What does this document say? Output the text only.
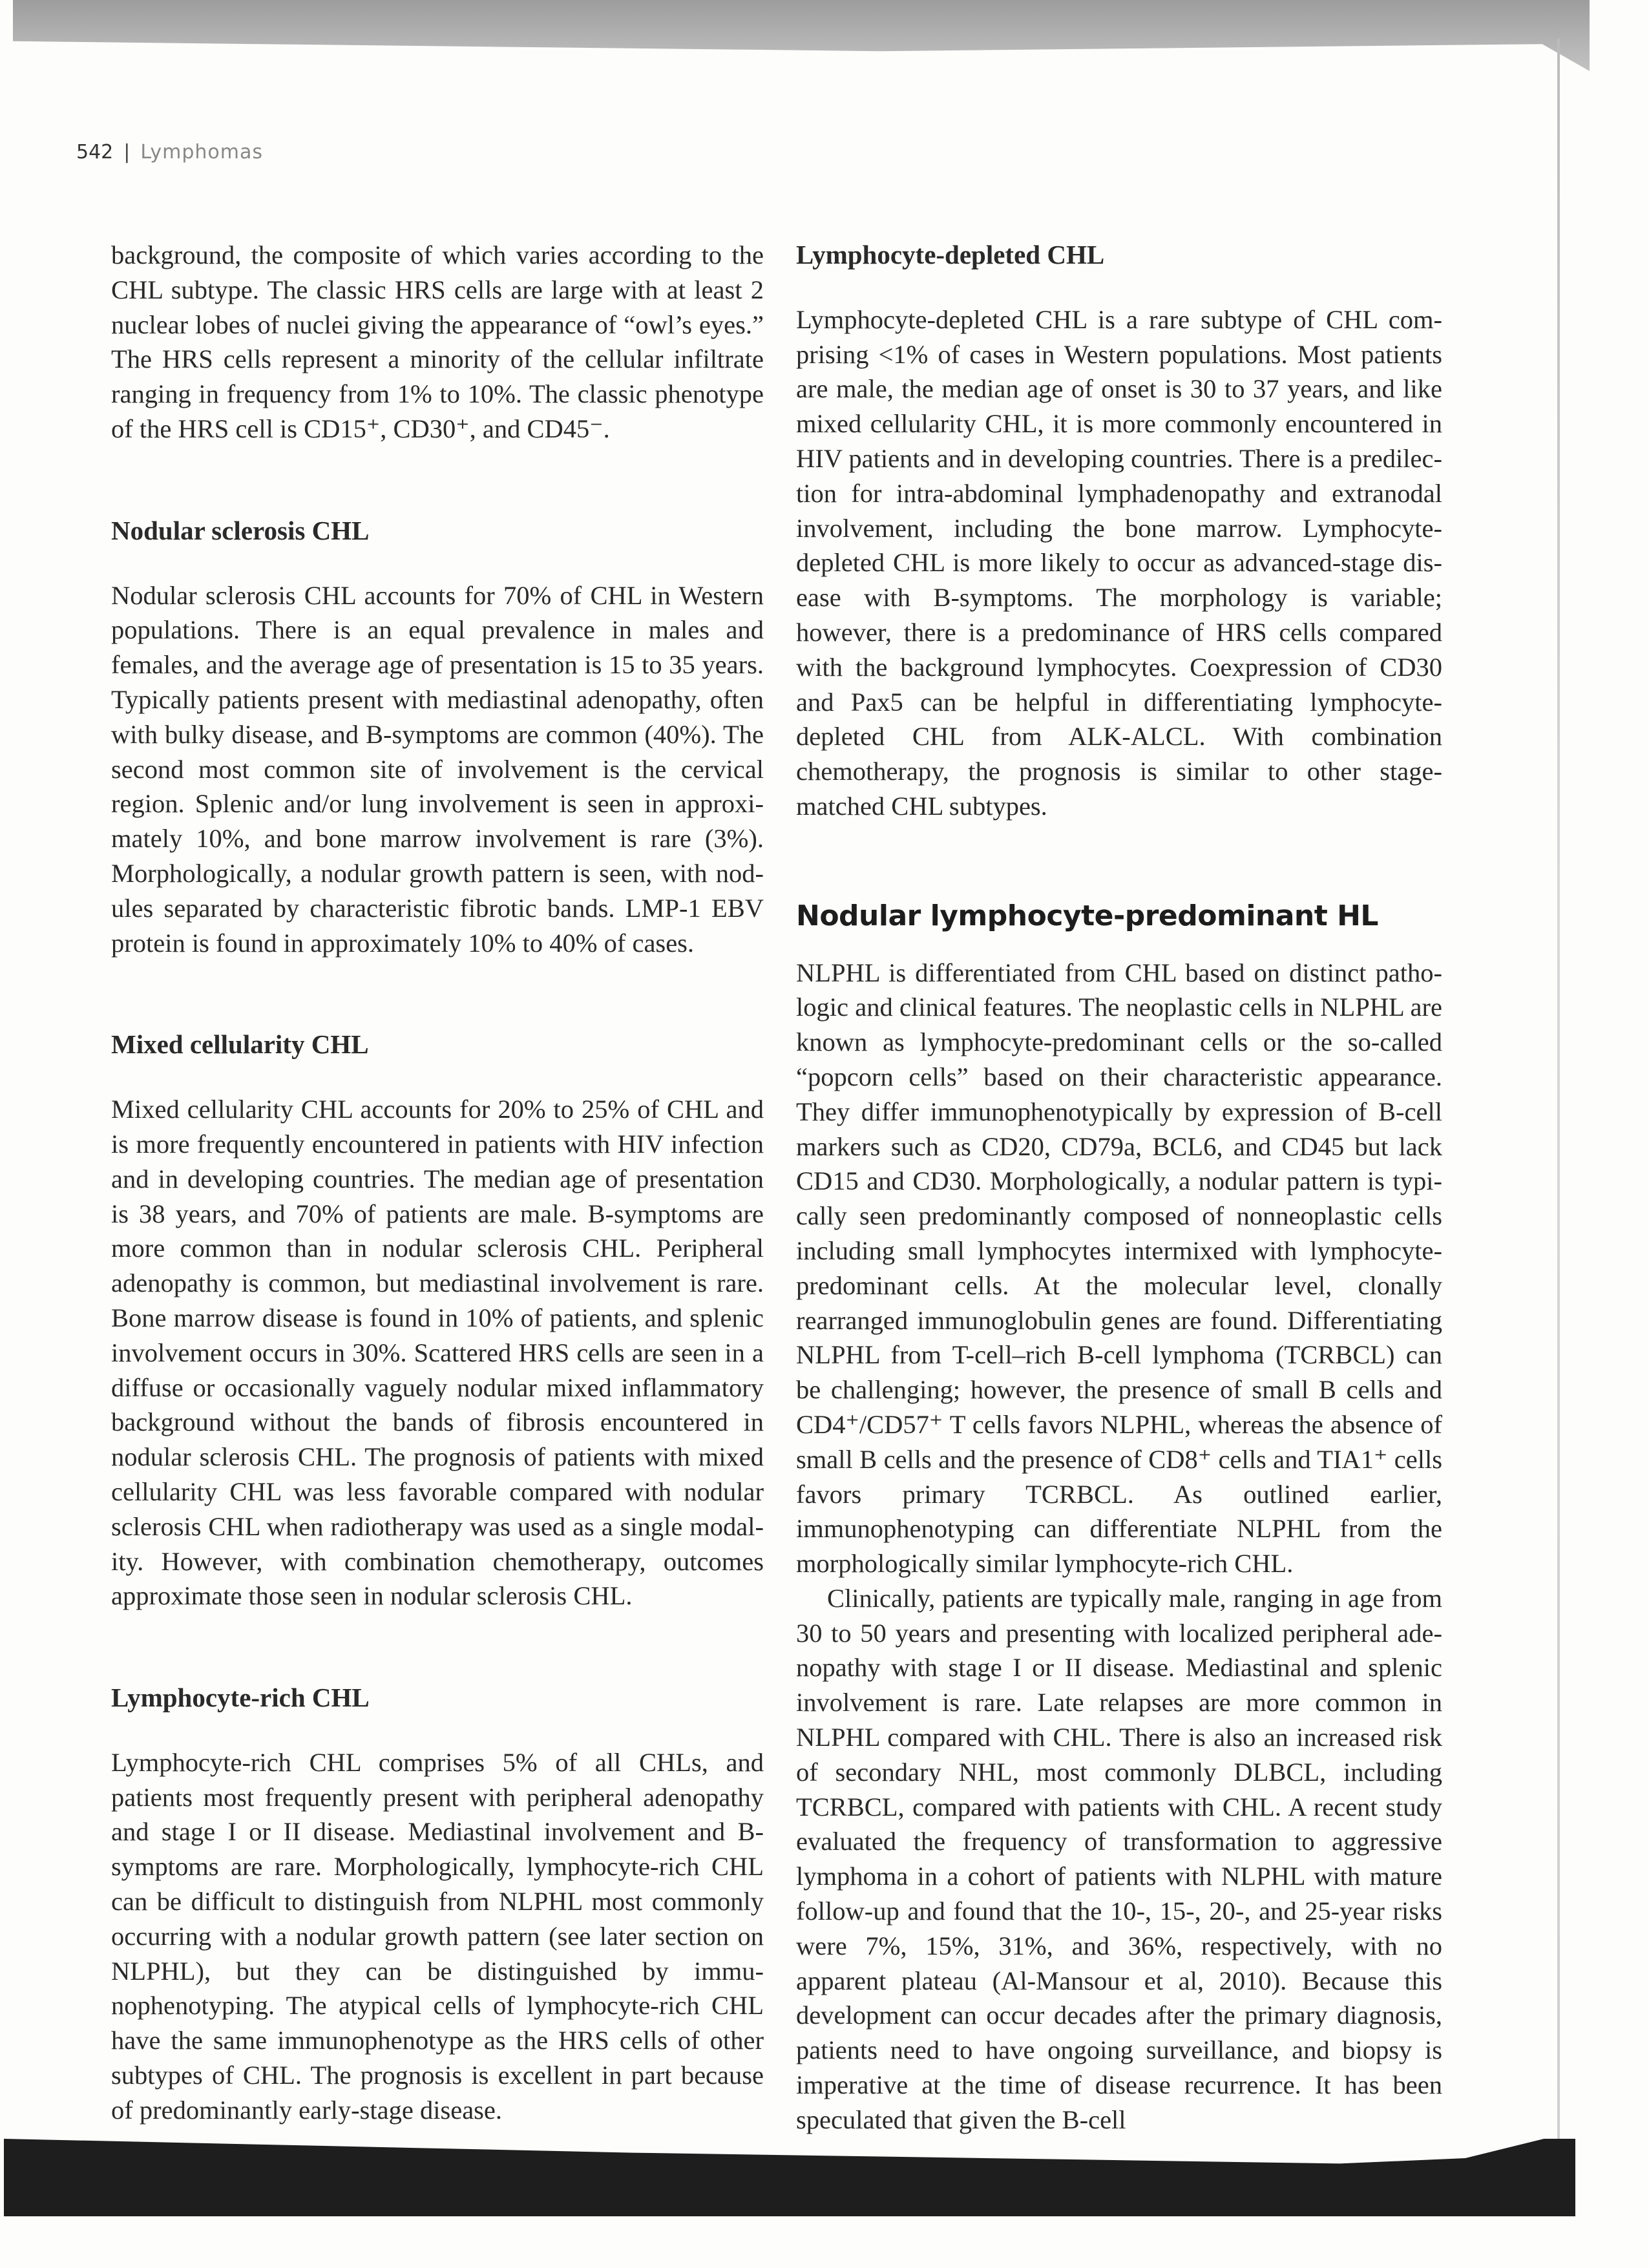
542 | Lymphomas

background, the composite of which varies according to the CHL subtype. The classic HRS cells are large with at least 2 nuclear lobes of nuclei giving the appearance of “owl’s eyes.” The HRS cells represent a minority of the cellular infiltrate ranging in frequency from 1% to 10%. The classic phenotype of the HRS cell is CD15⁺, CD30⁺, and CD45⁻.

Nodular sclerosis CHL

Nodular sclerosis CHL accounts for 70% of CHL in Western populations. There is an equal prevalence in males and females, and the average age of presentation is 15 to 35 years. Typically patients present with mediastinal adenopathy, often with bulky disease, and B-symptoms are common (40%). The second most common site of involvement is the cervical region. Splenic and/or lung involvement is seen in approximately 10%, and bone marrow involvement is rare (3%). Morphologically, a nodular growth pattern is seen, with nodules separated by characteristic fibrotic bands. LMP-1 EBV protein is found in approximately 10% to 40% of cases.

Mixed cellularity CHL

Mixed cellularity CHL accounts for 20% to 25% of CHL and is more frequently encountered in patients with HIV infection and in developing countries. The median age of presentation is 38 years, and 70% of patients are male. B-symptoms are more common than in nodular sclerosis CHL. Peripheral adenopathy is common, but mediastinal involvement is rare. Bone marrow disease is found in 10% of patients, and splenic involvement occurs in 30%. Scattered HRS cells are seen in a diffuse or occasionally vaguely nodular mixed inflammatory background without the bands of fibrosis encountered in nodular sclerosis CHL. The prognosis of patients with mixed cellularity CHL was less favorable compared with nodular sclerosis CHL when radiotherapy was used as a single modality. However, with combination chemotherapy, outcomes approximate those seen in nodular sclerosis CHL.

Lymphocyte-rich CHL

Lymphocyte-rich CHL comprises 5% of all CHLs, and patients most frequently present with peripheral adenopathy and stage I or II disease. Mediastinal involvement and B-symptoms are rare. Morphologically, lymphocyte-rich CHL can be difficult to distinguish from NLPHL most commonly occurring with a nodular growth pattern (see later section on NLPHL), but they can be distinguished by immunophenotyping. The atypical cells of lymphocyte-rich CHL have the same immunophenotype as the HRS cells of other subtypes of CHL. The prognosis is excellent in part because of predominantly early-stage disease.

Lymphocyte-depleted CHL

Lymphocyte-depleted CHL is a rare subtype of CHL comprising <1% of cases in Western populations. Most patients are male, the median age of onset is 30 to 37 years, and like mixed cellularity CHL, it is more commonly encountered in HIV patients and in developing countries. There is a predilection for intra-abdominal lymphadenopathy and extranodal involvement, including the bone marrow. Lymphocyte-depleted CHL is more likely to occur as advanced-stage disease with B-symptoms. The morphology is variable; however, there is a predominance of HRS cells compared with the background lymphocytes. Coexpression of CD30 and Pax5 can be helpful in differentiating lymphocyte-depleted CHL from ALK-ALCL. With combination chemotherapy, the prognosis is similar to other stage-matched CHL subtypes.

Nodular lymphocyte-predominant HL

NLPHL is differentiated from CHL based on distinct pathologic and clinical features. The neoplastic cells in NLPHL are known as lymphocyte-predominant cells or the so-called “popcorn cells” based on their characteristic appearance. They differ immunophenotypically by expression of B-cell markers such as CD20, CD79a, BCL6, and CD45 but lack CD15 and CD30. Morphologically, a nodular pattern is typically seen predominantly composed of nonneoplastic cells including small lymphocytes intermixed with lymphocyte-predominant cells. At the molecular level, clonally rearranged immunoglobulin genes are found. Differentiating NLPHL from T-cell–rich B-cell lymphoma (TCRBCL) can be challenging; however, the presence of small B cells and CD4⁺/CD57⁺ T cells favors NLPHL, whereas the absence of small B cells and the presence of CD8⁺ cells and TIA1⁺ cells favors primary TCRBCL. As outlined earlier, immunophenotyping can differentiate NLPHL from the morphologically similar lymphocyte-rich CHL.

Clinically, patients are typically male, ranging in age from 30 to 50 years and presenting with localized peripheral adenopathy with stage I or II disease. Mediastinal and splenic involvement is rare. Late relapses are more common in NLPHL compared with CHL. There is also an increased risk of secondary NHL, most commonly DLBCL, including TCRBCL, compared with patients with CHL. A recent study evaluated the frequency of transformation to aggressive lymphoma in a cohort of patients with NLPHL with mature follow-up and found that the 10-, 15-, 20-, and 25-year risks were 7%, 15%, 31%, and 36%, respectively, with no apparent plateau (Al-Mansour et al, 2010). Because this development can occur decades after the primary diagnosis, patients need to have ongoing surveillance, and biopsy is imperative at the time of disease recurrence. It has been speculated that given the B-cell
